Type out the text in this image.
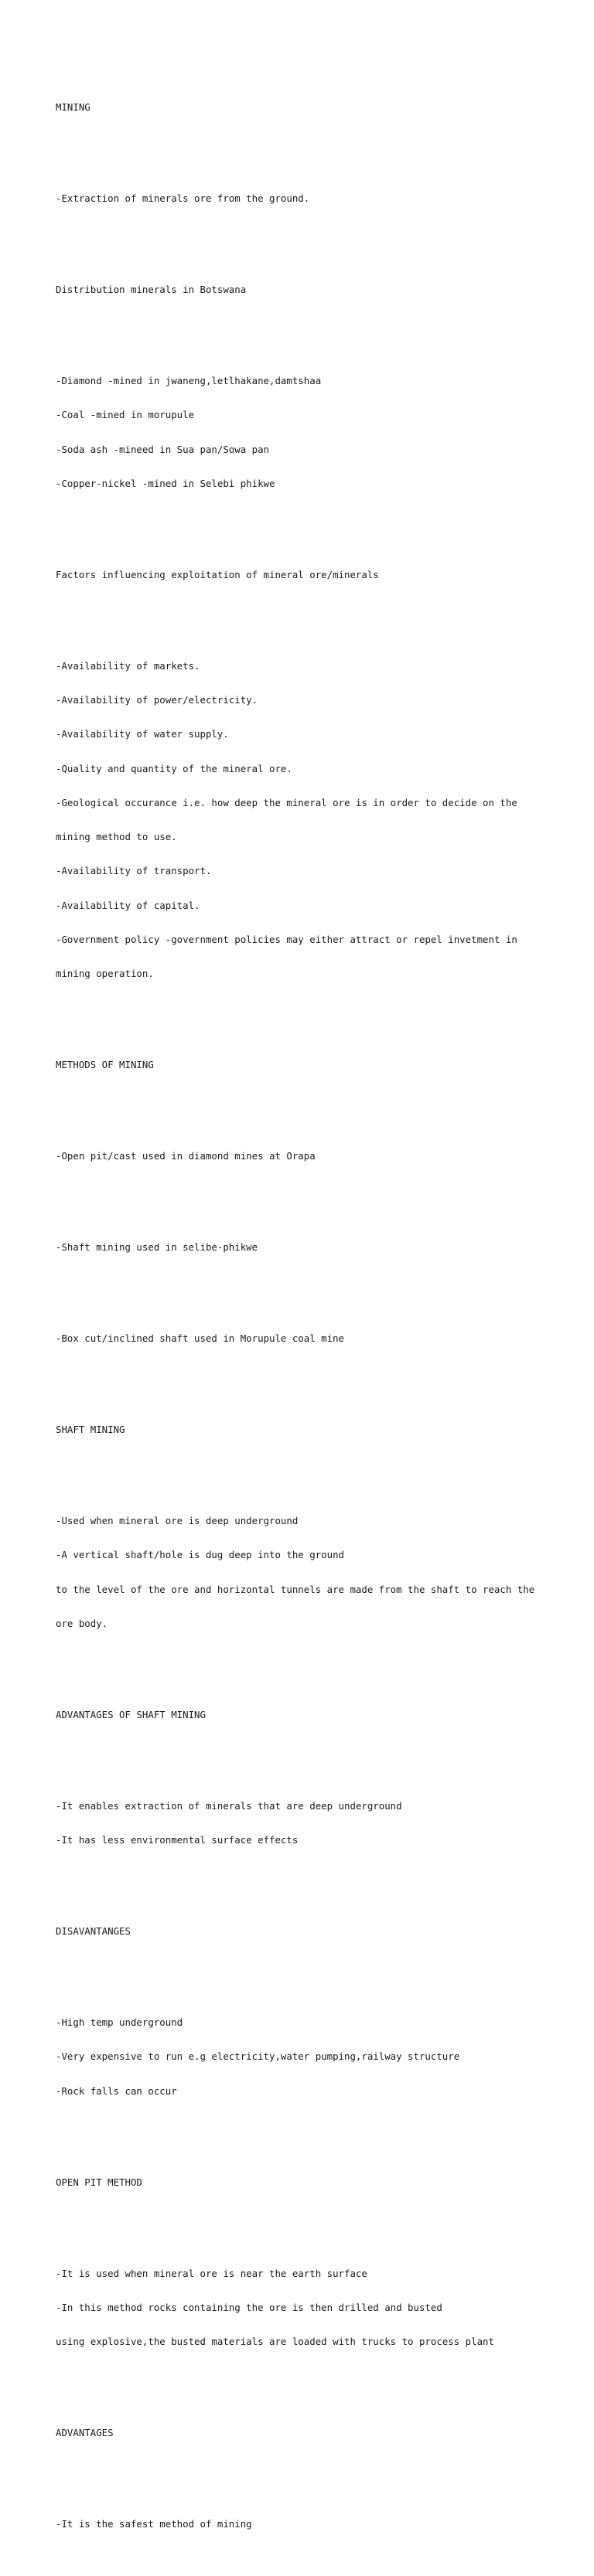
MINING

-Extraction of minerals ore from the ground.

Distribution minerals in Botswana

-Diamond -mined in jwaneng,letlhakane,damtshaa

-Coal -mined in morupule

-Soda ash -mineed in Sua pan/Sowa pan

-Copper-nickel -mined in Selebi phikwe

Factors influencing exploitation of mineral ore/minerals

-Availability of markets.

-Availability of power/electricity.

-Availability of water supply.

-Quality and quantity of the mineral ore.

-Geological occurance i.e. how deep the mineral ore is in order to decide on the

mining method to use.

-Availability of transport.

-Availability of capital.

-Government policy -government policies may either attract or repel invetment in

mining operation.

METHODS OF MINING

-Open pit/cast used in diamond mines at Orapa

-Shaft mining used in selibe-phikwe

-Box cut/inclined shaft used in Morupule coal mine

SHAFT MINING

-Used when mineral ore is deep underground

-A vertical shaft/hole is dug deep into the ground

to the level of the ore and horizontal tunnels are made from the shaft to reach the

ore body.

ADVANTAGES OF SHAFT MINING

-It enables extraction of minerals that are deep underground

-It has less environmental surface effects

DISAVANTANGES

-High temp underground

-Very expensive to run e.g electricity,water pumping,railway structure

-Rock falls can occur

OPEN PIT METHOD

-It is used when mineral ore is near the earth surface

-In this method rocks containing the ore is then drilled and busted

using explosive,the busted materials are loaded with trucks to process plant

ADVANTAGES

-It is the safest method of mining
